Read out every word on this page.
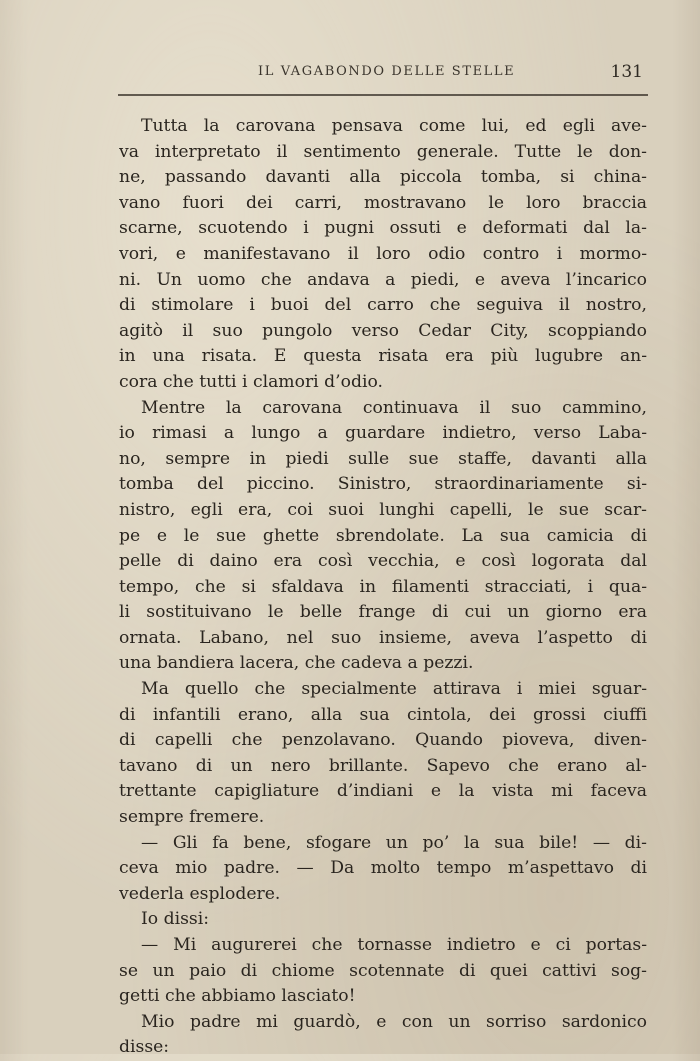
IL VAGABONDO DELLE STELLE	131
Tutta la carovana pensava come lui, ed egli ave-
va interpretato il sentimento generale. Tutte le don-
ne, passando davanti alla piccola tomba, si china-
vano fuori dei carri, mostravano le loro braccia
scarne, scuotendo i pugni ossuti e deformati dal la-
vori, e manifestavano il loro odio contro i mormo-
ni. Un uomo che andava a piedi, e aveva l’incarico
di stimolare i buoi del carro che seguiva il nostro,
agitò il suo pungolo verso Cedar City, scoppiando
in una risata. E questa risata era più lugubre an-
cora che tutti i clamori d’odio.
Mentre la carovana continuava il suo cammino,
io rimasi a lungo a guardare indietro, verso Laba-
no, sempre in piedi sulle sue staffe, davanti alla
tomba del piccino. Sinistro, straordinariamente si-
nistro, egli era, coi suoi lunghi capelli, le sue scar-
pe e le sue ghette sbrendolate. La sua camicia di
pelle di daino era così vecchia, e così logorata dal
tempo, che si sfaldava in filamenti stracciati, i qua-
li sostituivano le belle frange di cui un giorno era
ornata. Labano, nel suo insieme, aveva l’aspetto di
una bandiera lacera, che cadeva a pezzi.
Ma quello che specialmente attirava i miei sguar-
di infantili erano, alla sua cintola, dei grossi ciuffi
di capelli che penzolavano. Quando pioveva, diven-
tavano di un nero brillante. Sapevo che erano al-
trettante capigliature d’indiani e la vista mi faceva
sempre fremere.
— Gli fa bene, sfogare un po’ la sua bile! — di-
ceva mio padre. — Da molto tempo m’aspettavo di
vederla esplodere.
Io dissi:
— Mi augurerei che tornasse indietro e ci portas-
se un paio di chiome scotennate di quei cattivi sog-
getti che abbiamo lasciato!
Mio padre mi guardò, e con un sorriso sardonico
disse:
